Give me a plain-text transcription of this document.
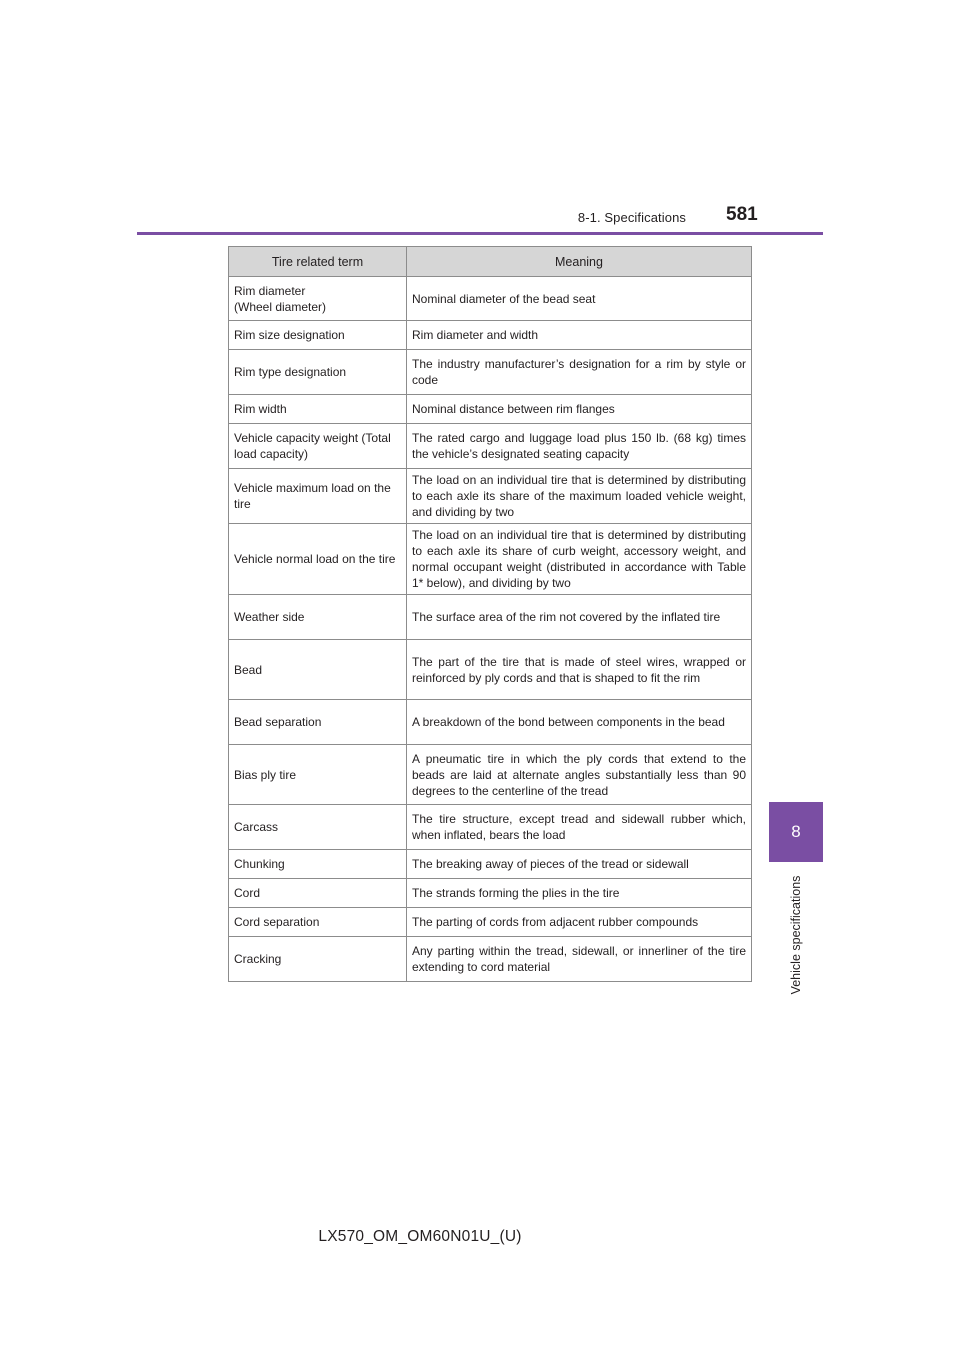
8-1. Specifications 581
8
Vehicle specifications
Tire related term	Meaning
Rim diameter
(Wheel diameter)	Nominal diameter of the bead seat
Rim size designation	Rim diameter and width
Rim type designation	The industry manufacturer’s designation for a rim by style or code
Rim width	Nominal distance between rim flanges
Vehicle capacity weight (Total load capacity)	The rated cargo and luggage load plus 150 lb. (68 kg) times the vehicle’s designated seating capacity
Vehicle maximum load on the tire	The load on an individual tire that is determined by distributing to each axle its share of the maximum loaded vehicle weight, and dividing by two
Vehicle normal load on the tire	The load on an individual tire that is determined by distributing to each axle its share of curb weight, accessory weight, and normal occupant weight (distributed in accordance with Table 1* below), and dividing by two
Weather side	The surface area of the rim not covered by the inflated tire
Bead	The part of the tire that is made of steel wires, wrapped or reinforced by ply cords and that is shaped to fit the rim
Bead separation	A breakdown of the bond between components in the bead
Bias ply tire	A pneumatic tire in which the ply cords that extend to the beads are laid at alternate angles substantially less than 90 degrees to the centerline of the tread
Carcass	The tire structure, except tread and sidewall rubber which, when inflated, bears the load
Chunking	The breaking away of pieces of the tread or sidewall
Cord	The strands forming the plies in the tire
Cord separation	The parting of cords from adjacent rubber compounds
Cracking	Any parting within the tread, sidewall, or innerliner of the tire extending to cord material
LX570_OM_OM60N01U_(U)
